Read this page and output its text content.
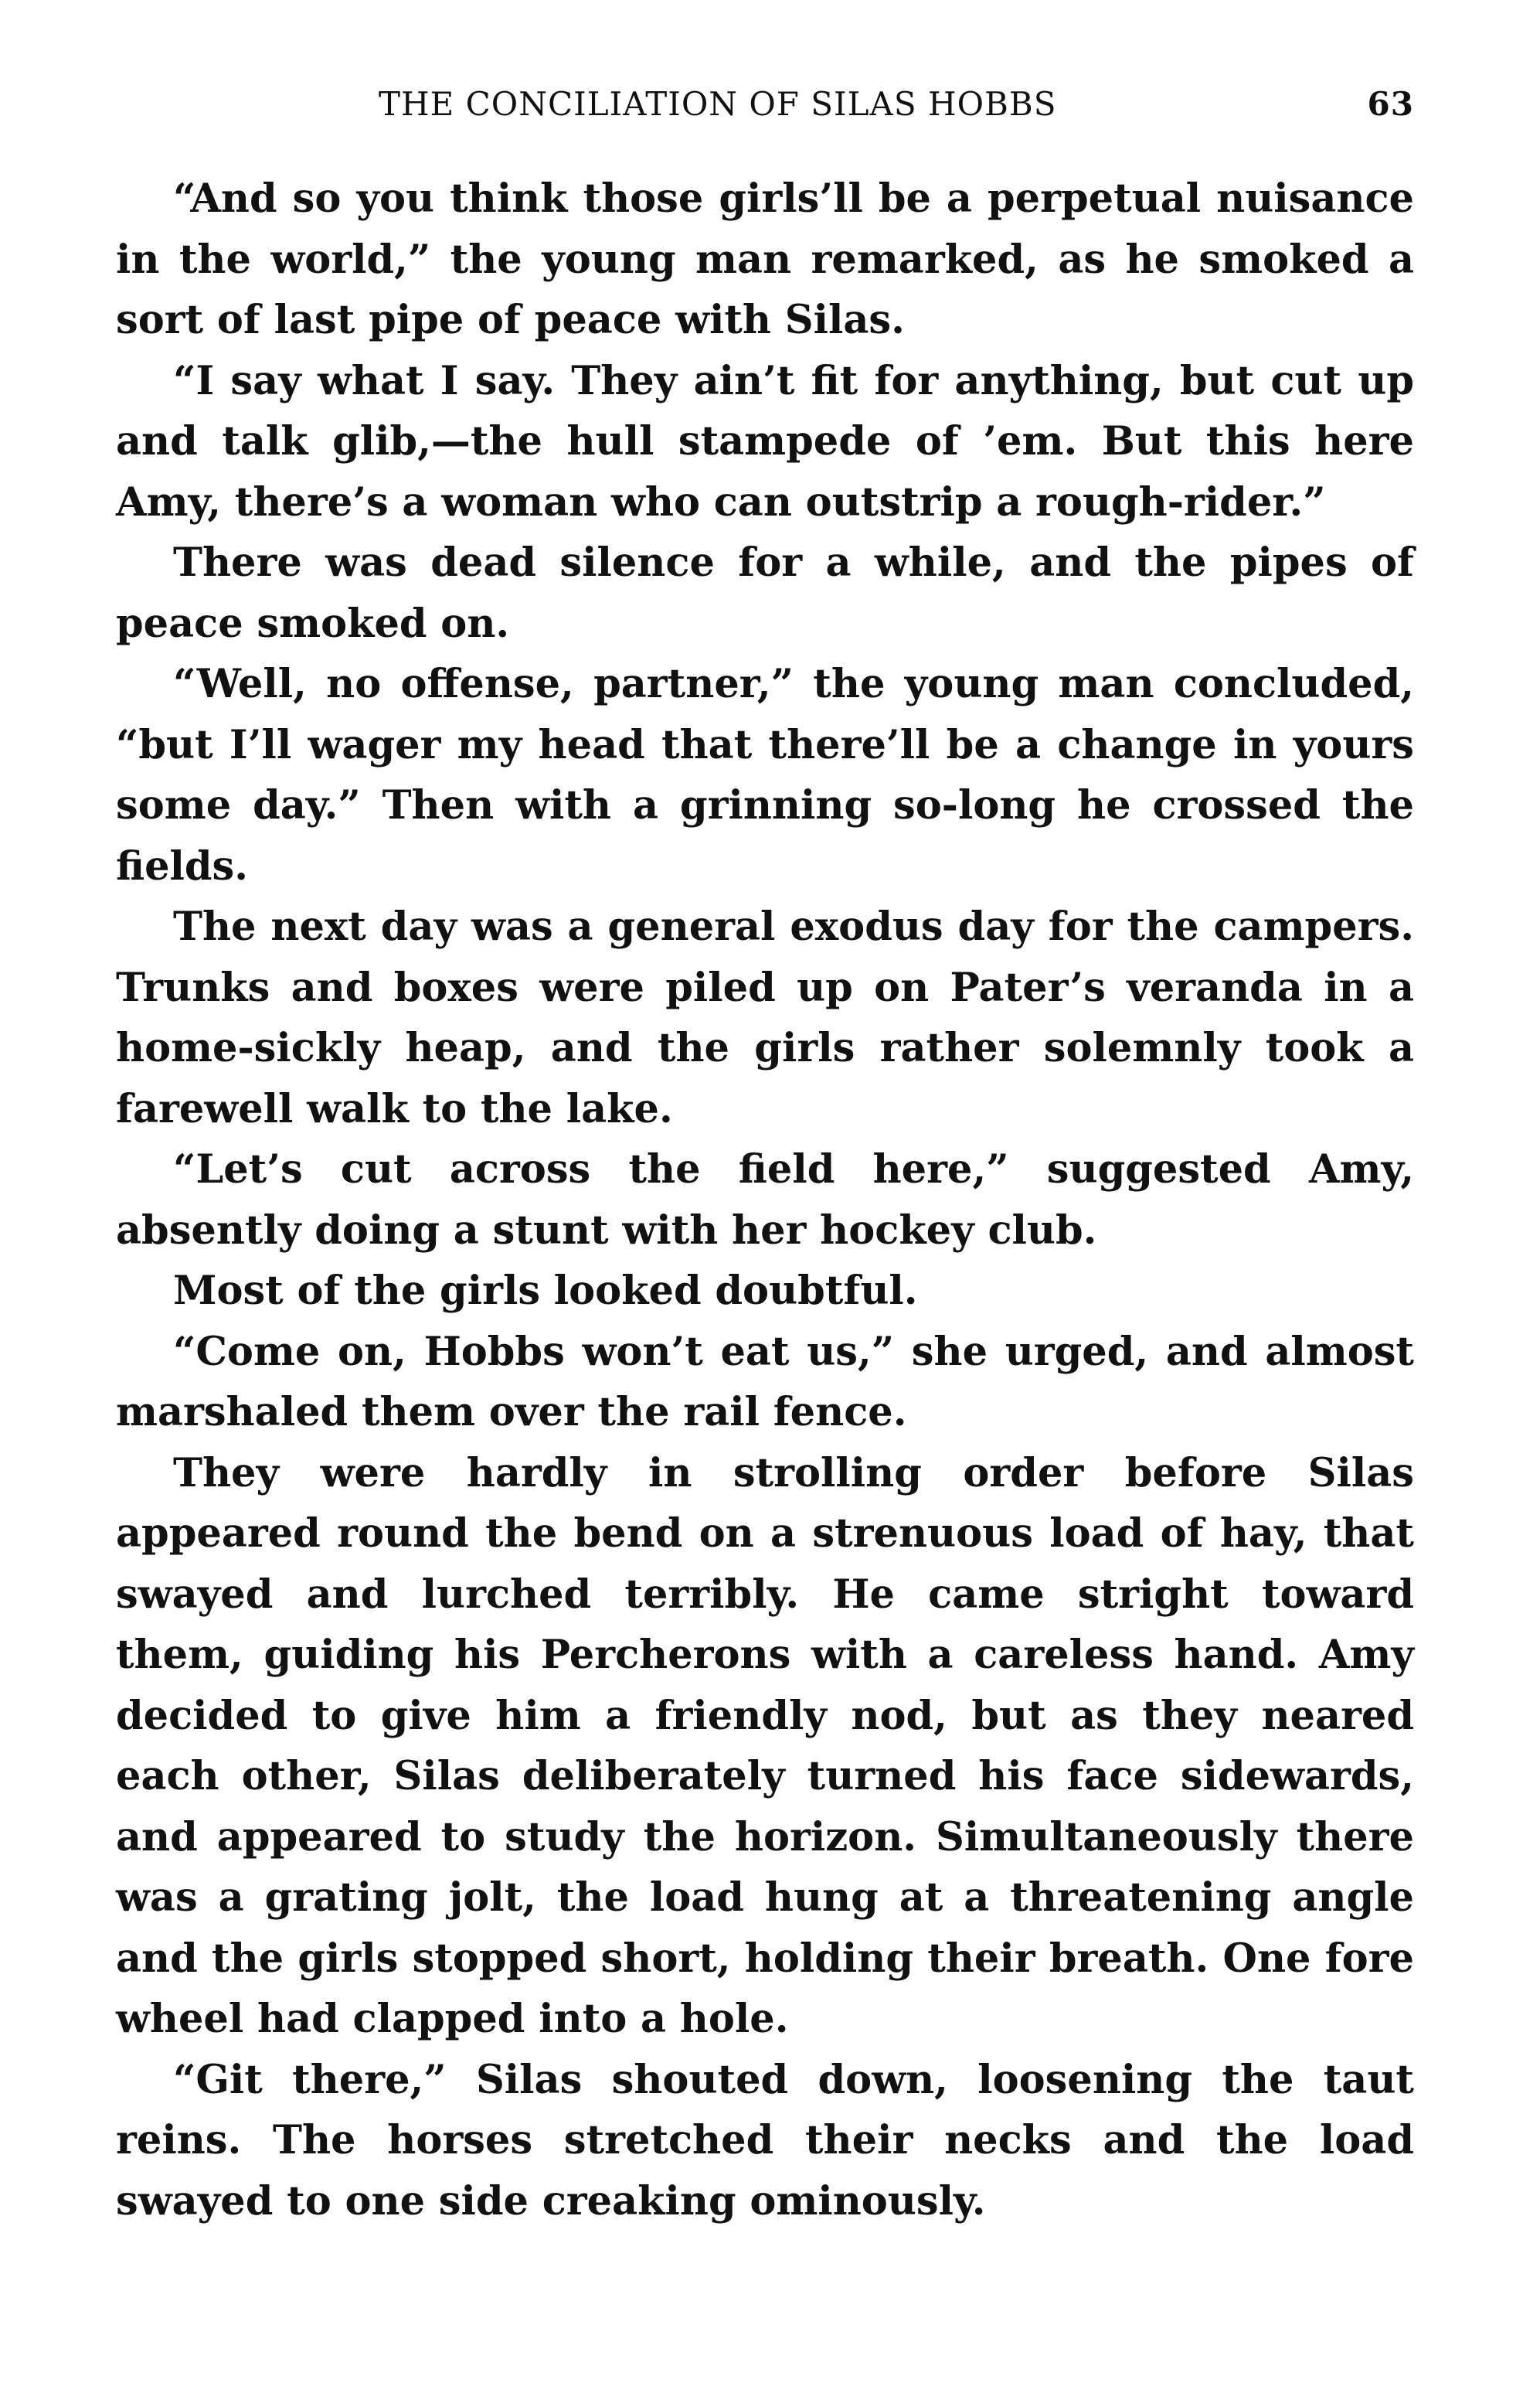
THE CONCILIATION OF SILAS HOBBS	63

“And so you think those girls’ll be a perpetual nuisance in the world,” the young man remarked, as he smoked a sort of last pipe of peace with Silas.

“I say what I say. They ain’t fit for anything, but cut up and talk glib,—the hull stampede of ’em. But this here Amy, there’s a woman who can outstrip a rough-rider.”

There was dead silence for a while, and the pipes of peace smoked on.

“Well, no offense, partner,” the young man concluded, “but I’ll wager my head that there’ll be a change in yours some day.” Then with a grinning so-long he crossed the fields.

The next day was a general exodus day for the campers. Trunks and boxes were piled up on Pater’s veranda in a home-sickly heap, and the girls rather solemnly took a farewell walk to the lake.

“Let’s cut across the field here,” suggested Amy, absently doing a stunt with her hockey club.

Most of the girls looked doubtful.

“Come on, Hobbs won’t eat us,” she urged, and almost marshaled them over the rail fence.

They were hardly in strolling order before Silas appeared round the bend on a strenuous load of hay, that swayed and lurched terribly. He came stright toward them, guiding his Percherons with a careless hand. Amy decided to give him a friendly nod, but as they neared each other, Silas deliberately turned his face sidewards, and appeared to study the horizon. Simultaneously there was a grating jolt, the load hung at a threatening angle and the girls stopped short, holding their breath. One fore wheel had clapped into a hole.

“Git there,” Silas shouted down, loosening the taut reins. The horses stretched their necks and the load swayed to one side creaking ominously.
